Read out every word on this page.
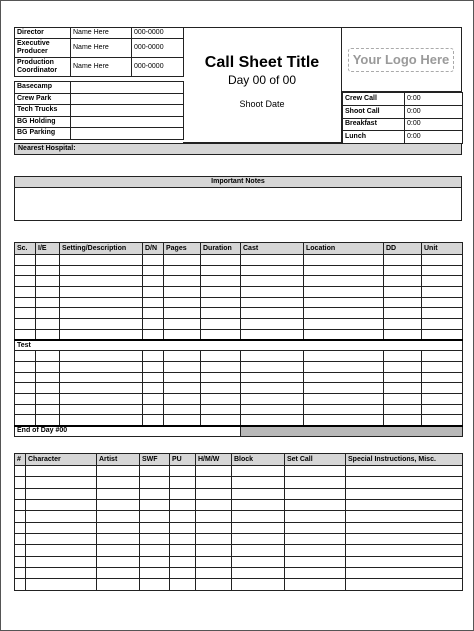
Director	Name Here	000-0000
Executive Producer	Name Here	000-0000
Production Coordinator	Name Here	000-0000
Basecamp	
Crew Park	
Tech Trucks	
BG Holding	
BG Parking	
Call Sheet Title
Day 00 of 00
Shoot Date
Your Logo Here
Crew Call	0:00
Shoot Call	0:00
Breakfast	0:00
Lunch	0:00
Nearest Hospital:
Important Notes
Sc.	I/E	Setting/Description	D/N	Pages	Duration	Cast	Location	DD	Unit

Test									

End of Day #00									
#	Character	Artist	SWF	PU	H/M/W	Block	Set Call	Special Instructions, Misc.
